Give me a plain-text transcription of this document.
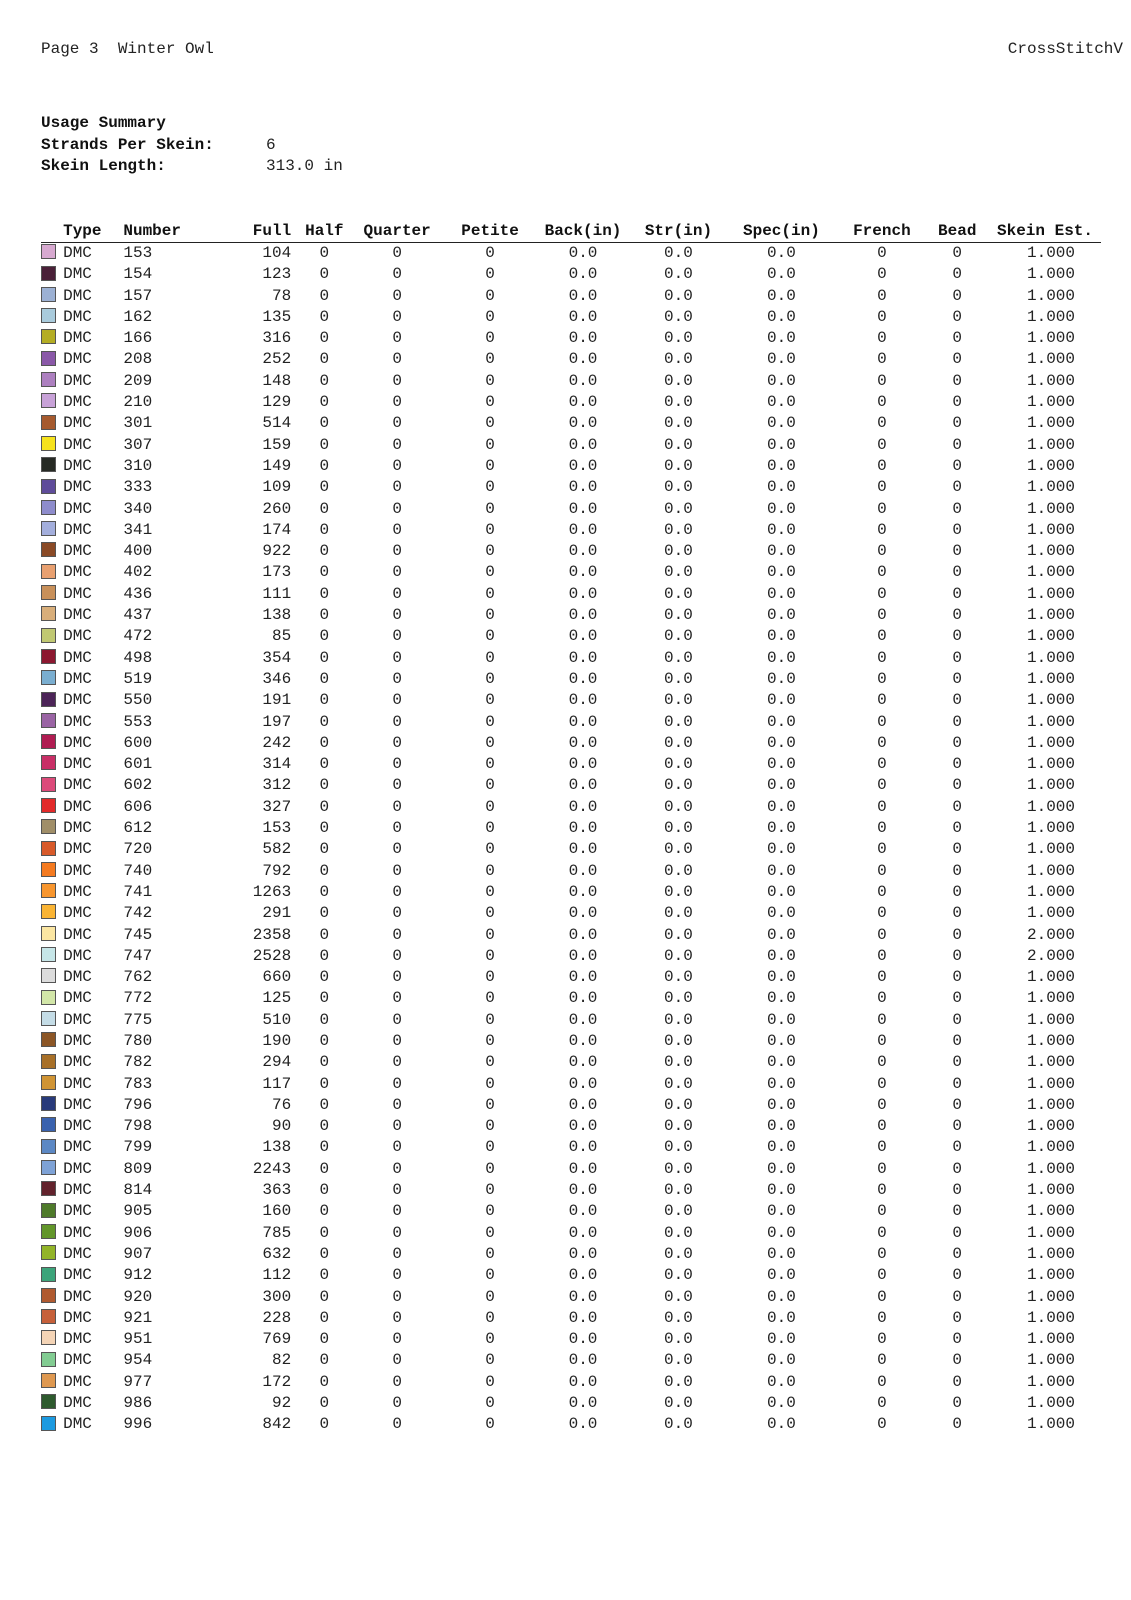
Page 3  Winter Owl	CrossStitchV
Usage Summary
Strands Per Skein:	6
Skein Length:	313.0 in
	Type	Number	Full	Half	Quarter	Petite	Back(in)	Str(in)	Spec(in)	French	Bead	Skein Est.
	DMC	153	104	0	0	0	0.0	0.0	0.0	0	0	1.000
	DMC	154	123	0	0	0	0.0	0.0	0.0	0	0	1.000
	DMC	157	78	0	0	0	0.0	0.0	0.0	0	0	1.000
	DMC	162	135	0	0	0	0.0	0.0	0.0	0	0	1.000
	DMC	166	316	0	0	0	0.0	0.0	0.0	0	0	1.000
	DMC	208	252	0	0	0	0.0	0.0	0.0	0	0	1.000
	DMC	209	148	0	0	0	0.0	0.0	0.0	0	0	1.000
	DMC	210	129	0	0	0	0.0	0.0	0.0	0	0	1.000
	DMC	301	514	0	0	0	0.0	0.0	0.0	0	0	1.000
	DMC	307	159	0	0	0	0.0	0.0	0.0	0	0	1.000
	DMC	310	149	0	0	0	0.0	0.0	0.0	0	0	1.000
	DMC	333	109	0	0	0	0.0	0.0	0.0	0	0	1.000
	DMC	340	260	0	0	0	0.0	0.0	0.0	0	0	1.000
	DMC	341	174	0	0	0	0.0	0.0	0.0	0	0	1.000
	DMC	400	922	0	0	0	0.0	0.0	0.0	0	0	1.000
	DMC	402	173	0	0	0	0.0	0.0	0.0	0	0	1.000
	DMC	436	111	0	0	0	0.0	0.0	0.0	0	0	1.000
	DMC	437	138	0	0	0	0.0	0.0	0.0	0	0	1.000
	DMC	472	85	0	0	0	0.0	0.0	0.0	0	0	1.000
	DMC	498	354	0	0	0	0.0	0.0	0.0	0	0	1.000
	DMC	519	346	0	0	0	0.0	0.0	0.0	0	0	1.000
	DMC	550	191	0	0	0	0.0	0.0	0.0	0	0	1.000
	DMC	553	197	0	0	0	0.0	0.0	0.0	0	0	1.000
	DMC	600	242	0	0	0	0.0	0.0	0.0	0	0	1.000
	DMC	601	314	0	0	0	0.0	0.0	0.0	0	0	1.000
	DMC	602	312	0	0	0	0.0	0.0	0.0	0	0	1.000
	DMC	606	327	0	0	0	0.0	0.0	0.0	0	0	1.000
	DMC	612	153	0	0	0	0.0	0.0	0.0	0	0	1.000
	DMC	720	582	0	0	0	0.0	0.0	0.0	0	0	1.000
	DMC	740	792	0	0	0	0.0	0.0	0.0	0	0	1.000
	DMC	741	1263	0	0	0	0.0	0.0	0.0	0	0	1.000
	DMC	742	291	0	0	0	0.0	0.0	0.0	0	0	1.000
	DMC	745	2358	0	0	0	0.0	0.0	0.0	0	0	2.000
	DMC	747	2528	0	0	0	0.0	0.0	0.0	0	0	2.000
	DMC	762	660	0	0	0	0.0	0.0	0.0	0	0	1.000
	DMC	772	125	0	0	0	0.0	0.0	0.0	0	0	1.000
	DMC	775	510	0	0	0	0.0	0.0	0.0	0	0	1.000
	DMC	780	190	0	0	0	0.0	0.0	0.0	0	0	1.000
	DMC	782	294	0	0	0	0.0	0.0	0.0	0	0	1.000
	DMC	783	117	0	0	0	0.0	0.0	0.0	0	0	1.000
	DMC	796	76	0	0	0	0.0	0.0	0.0	0	0	1.000
	DMC	798	90	0	0	0	0.0	0.0	0.0	0	0	1.000
	DMC	799	138	0	0	0	0.0	0.0	0.0	0	0	1.000
	DMC	809	2243	0	0	0	0.0	0.0	0.0	0	0	1.000
	DMC	814	363	0	0	0	0.0	0.0	0.0	0	0	1.000
	DMC	905	160	0	0	0	0.0	0.0	0.0	0	0	1.000
	DMC	906	785	0	0	0	0.0	0.0	0.0	0	0	1.000
	DMC	907	632	0	0	0	0.0	0.0	0.0	0	0	1.000
	DMC	912	112	0	0	0	0.0	0.0	0.0	0	0	1.000
	DMC	920	300	0	0	0	0.0	0.0	0.0	0	0	1.000
	DMC	921	228	0	0	0	0.0	0.0	0.0	0	0	1.000
	DMC	951	769	0	0	0	0.0	0.0	0.0	0	0	1.000
	DMC	954	82	0	0	0	0.0	0.0	0.0	0	0	1.000
	DMC	977	172	0	0	0	0.0	0.0	0.0	0	0	1.000
	DMC	986	92	0	0	0	0.0	0.0	0.0	0	0	1.000
	DMC	996	842	0	0	0	0.0	0.0	0.0	0	0	1.000
